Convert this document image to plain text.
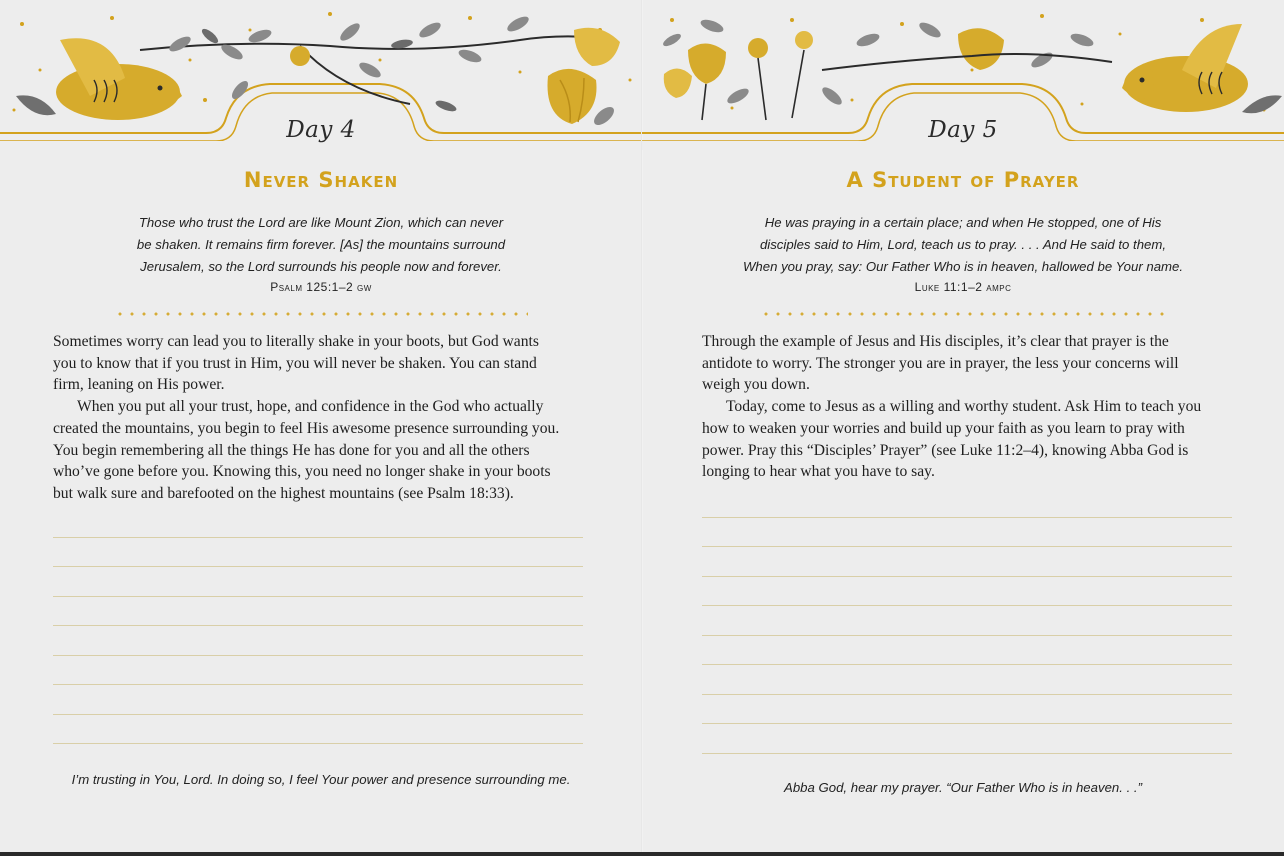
Day 4
Never Shaken
Those who trust the Lord are like Mount Zion, which can never
be shaken. It remains firm forever. [As] the mountains surround
Jerusalem, so the Lord surrounds his people now and forever.
Psalm 125:1–2 gw

Sometimes worry can lead you to literally shake in your boots, but God wants
you to know that if you trust in Him, you will never be shaken. You can stand
firm, leaning on His power.

When you put all your trust, hope, and confidence in the God who actually
created the mountains, you begin to feel His awesome presence surrounding you.
You begin remembering all the things He has done for you and all the others
who’ve gone before you. Knowing this, you need no longer shake in your boots
but walk sure and barefooted on the highest mountains (see Psalm 18:33).

I’m trusting in You, Lord. In doing so, I feel Your power and presence surrounding me.
Day 5
A Student of Prayer
He was praying in a certain place; and when He stopped, one of His
disciples said to Him, Lord, teach us to pray. . . . And He said to them,
When you pray, say: Our Father Who is in heaven, hallowed be Your name.
Luke 11:1–2 ampc

Through the example of Jesus and His disciples, it’s clear that prayer is the
antidote to worry. The stronger you are in prayer, the less your concerns will
weigh you down.

Today, come to Jesus as a willing and worthy student. Ask Him to teach you
how to weaken your worries and build up your faith as you learn to pray with
power. Pray this “Disciples’ Prayer” (see Luke 11:2–4), knowing Abba God is
longing to hear what you have to say.

Abba God, hear my prayer. “Our Father Who is in heaven. . .”
